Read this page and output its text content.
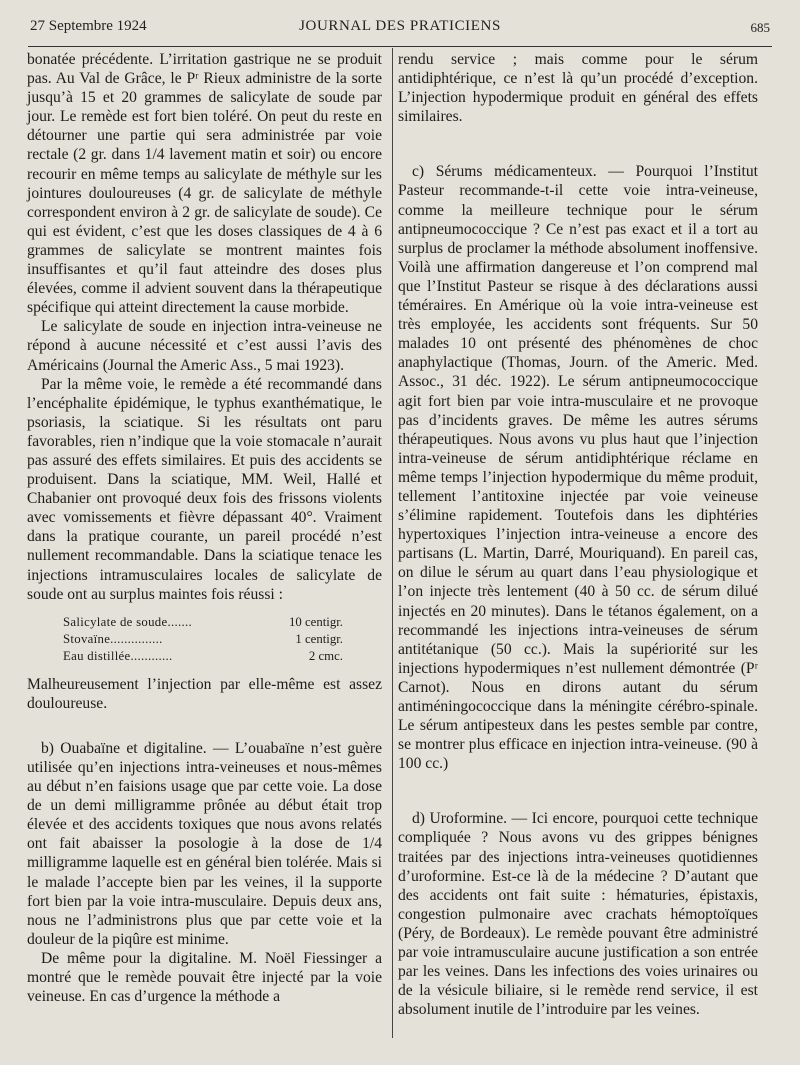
27 Septembre 1924	JOURNAL DES PRATICIENS	685

bonatée précédente. L’irritation gastrique ne se produit pas. Au Val de Grâce, le Pʳ Rieux administre de la sorte jusqu’à 15 et 20 grammes de salicylate de soude par jour. Le remède est fort bien toléré. On peut du reste en détourner une partie qui sera administrée par voie rectale (2 gr. dans 1/4 lavement matin et soir) ou encore recourir en même temps au salicylate de méthyle sur les jointures douloureuses (4 gr. de salicylate de méthyle correspondent environ à 2 gr. de salicylate de soude). Ce qui est évident, c’est que les doses classiques de 4 à 6 grammes de salicylate se montrent maintes fois insuffisantes et qu’il faut atteindre des doses plus élevées, comme il advient souvent dans la thérapeutique spécifique qui atteint directement la cause morbide.

Le salicylate de soude en injection intra-veineuse ne répond à aucune nécessité et c’est aussi l’avis des Américains (Journal the Americ Ass., 5 mai 1923).

Par la même voie, le remède a été recommandé dans l’encéphalite épidémique, le typhus exanthématique, le psoriasis, la sciatique. Si les résultats ont paru favorables, rien n’indique que la voie stomacale n’aurait pas assuré des effets similaires. Et puis des accidents se produisent. Dans la sciatique, MM. Weil, Hallé et Chabanier ont provoqué deux fois des frissons violents avec vomissements et fièvre dépassant 40°. Vraiment dans la pratique courante, un pareil procédé n’est nullement recommandable. Dans la sciatique tenace les injections intramusculaires locales de salicylate de soude ont au surplus maintes fois réussi :

Salicylate de soude.......	10 centigr.
Stovaïne...............	1 centigr.
Eau distillée............	2 cmc.

Malheureusement l’injection par elle-même est assez douloureuse.

b) Ouabaïne et digitaline. — L’ouabaïne n’est guère utilisée qu’en injections intra-veineuses et nous-mêmes au début n’en faisions usage que par cette voie. La dose de un demi milligramme prônée au début était trop élevée et des accidents toxiques que nous avons relatés ont fait abaisser la posologie à la dose de 1/4 milligramme laquelle est en général bien tolérée. Mais si le malade l’accepte bien par les veines, il la supporte fort bien par la voie intra-musculaire. Depuis deux ans, nous ne l’administrons plus que par cette voie et la douleur de la piqûre est minime.

De même pour la digitaline. M. Noël Fiessinger a montré que le remède pouvait être injecté par la voie veineuse. En cas d’urgence la méthode a

rendu service ; mais comme pour le sérum antidiphtérique, ce n’est là qu’un procédé d’exception. L’injection hypodermique produit en général des effets similaires.

c) Sérums médicamenteux. — Pourquoi l’Institut Pasteur recommande-t-il cette voie intra-veineuse, comme la meilleure technique pour le sérum antipneumococcique ? Ce n’est pas exact et il a tort au surplus de proclamer la méthode absolument inoffensive. Voilà une affirmation dangereuse et l’on comprend mal que l’Institut Pasteur se risque à des déclarations aussi téméraires. En Amérique où la voie intra-veineuse est très employée, les accidents sont fréquents. Sur 50 malades 10 ont présenté des phénomènes de choc anaphylactique (Thomas, Journ. of the Americ. Med. Assoc., 31 déc. 1922). Le sérum antipneumococcique agit fort bien par voie intra-musculaire et ne provoque pas d’incidents graves. De même les autres sérums thérapeutiques. Nous avons vu plus haut que l’injection intra-veineuse de sérum antidiphtérique réclame en même temps l’injection hypodermique du même produit, tellement l’antitoxine injectée par voie veineuse s’élimine rapidement. Toutefois dans les diphtéries hypertoxiques l’injection intra-veineuse a encore des partisans (L. Martin, Darré, Mouriquand). En pareil cas, on dilue le sérum au quart dans l’eau physiologique et l’on injecte très lentement (40 à 50 cc. de sérum dilué injectés en 20 minutes). Dans le tétanos également, on a recommandé les injections intra-veineuses de sérum antitétanique (50 cc.). Mais la supériorité sur les injections hypodermiques n’est nullement démontrée (Pʳ Carnot). Nous en dirons autant du sérum antiméningococcique dans la méningite cérébro-spinale. Le sérum antipesteux dans les pestes semble par contre, se montrer plus efficace en injection intra-veineuse. (90 à 100 cc.)

d) Uroformine. — Ici encore, pourquoi cette technique compliquée ? Nous avons vu des grippes bénignes traitées par des injections intra-veineuses quotidiennes d’uroformine. Est-ce là de la médecine ? D’autant que des accidents ont fait suite : hématuries, épistaxis, congestion pulmonaire avec crachats hémoptoïques (Péry, de Bordeaux). Le remède pouvant être administré par voie intramusculaire aucune justification a son entrée par les veines. Dans les infections des voies urinaires ou de la vésicule biliaire, si le remède rend service, il est absolument inutile de l’introduire par les veines.
